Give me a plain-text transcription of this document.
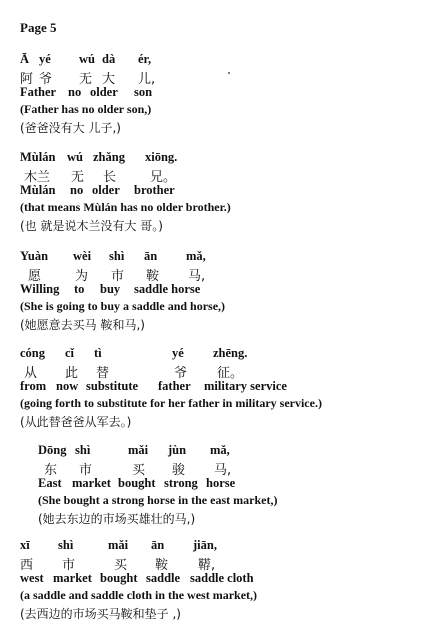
Page 5
Ā yé wú dà ér,
阿 爷 无 大 儿,
Father no older son
(Father has no older son,)
(爸爸没有大 儿子,)
Mùlán wú zhǎng xiōng.
木兰 无 长	兄。
Mùlán no older brother
(that means Mùlán has no older brother.)
(也 就是说木兰没有大 哥。)
Yuàn wèi shì ān mǎ,
愿	为 市 鞍 马,
Willing to buy saddle horse
(She is going to buy a saddle and horse,)
(她愿意去买马 鞍和马,)
cóng cǐ tì	yé zhēng.
从 此 替	爷 征。
from now substitute father military service
(going forth to substitute for her father in military service.)
(从此替爸爸从军去。)
Dōng shì	mǎi jùn mǎ,
东 市	买 骏 马,
East market bought strong horse
(She bought a strong horse in the east market,)
(她去东边的市场买雄壮的马,)
xī shì	mǎi ān jiān,
西 市	买 鞍 鞯,
west market bought saddle saddle cloth
(a saddle and saddle cloth in the west market,)
(去西边的市场买马鞍和垫子 ,)
